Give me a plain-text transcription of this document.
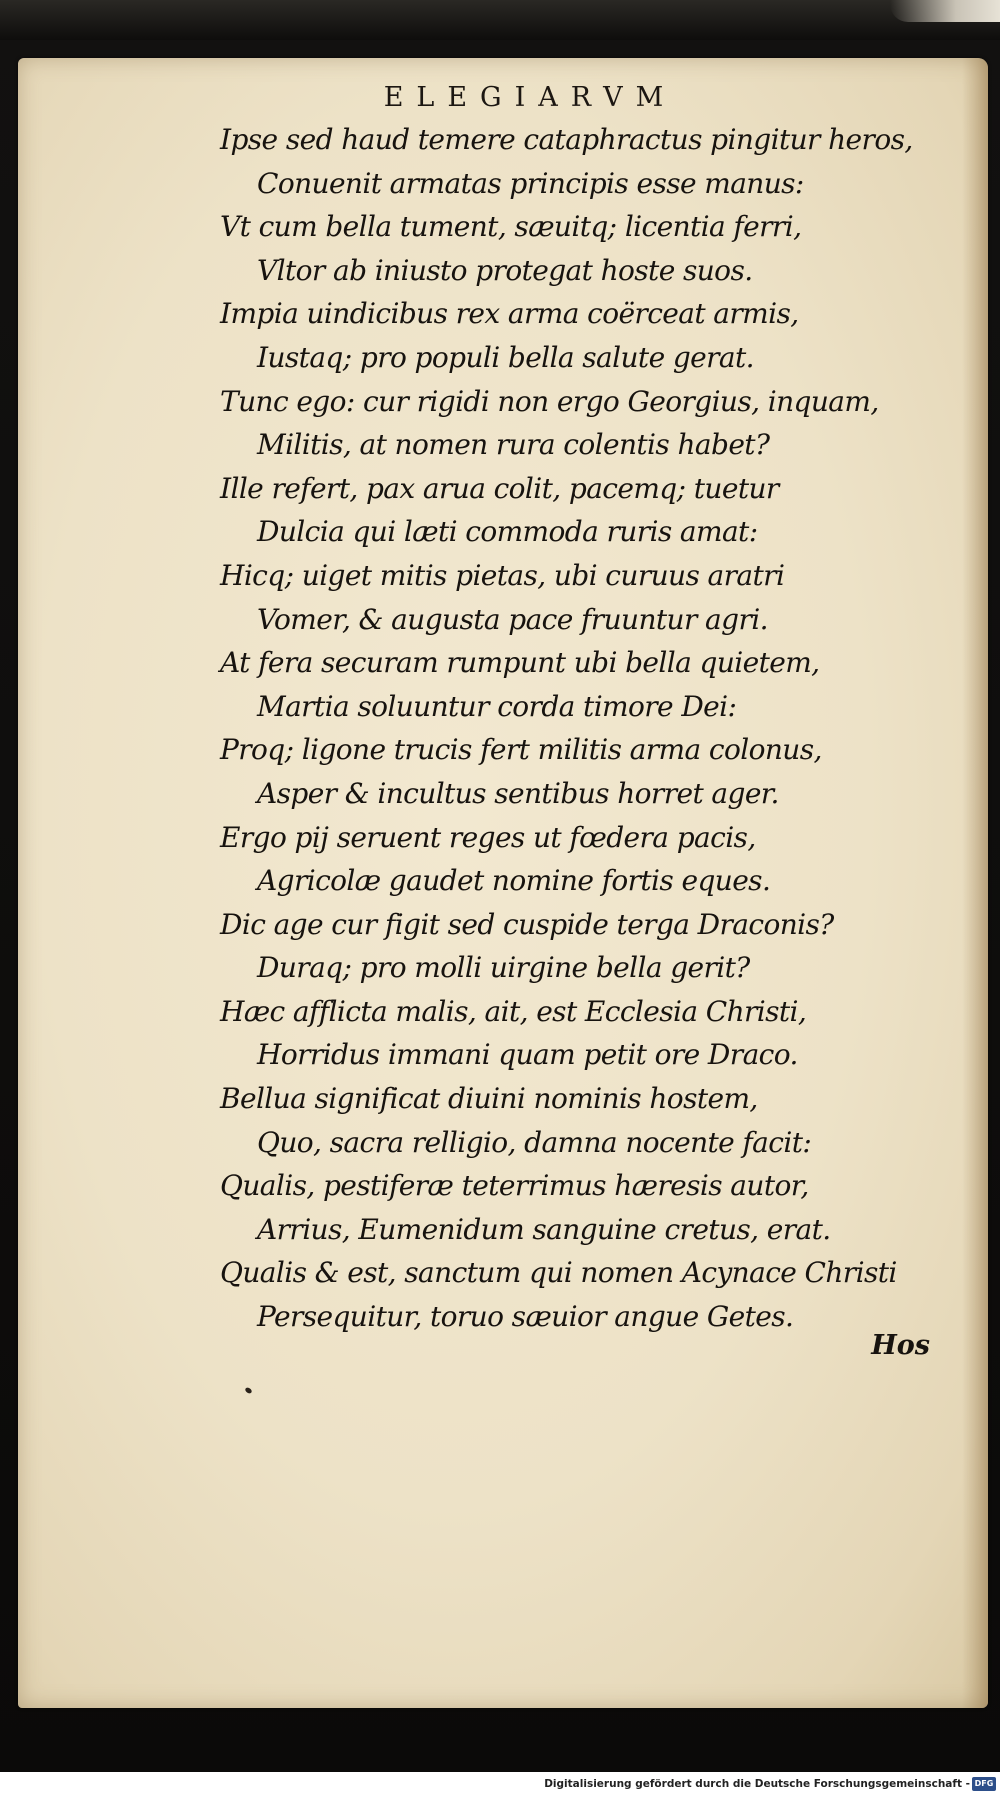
ELEGIARVM
Ipse sed haud temere cataphractus pingitur heros,
Conuenit armatas principis esse manus:
Vt cum bella tument, sæuitq; licentia ferri,
Vltor ab iniusto protegat hoste suos.
Impia uindicibus rex arma coërceat armis,
Iustaq; pro populi bella salute gerat.
Tunc ego: cur rigidi non ergo Georgius, inquam,
Militis, at nomen rura colentis habet?
Ille refert, pax arua colit, pacemq; tuetur
Dulcia qui læti commoda ruris amat:
Hicq; uiget mitis pietas, ubi curuus aratri
Vomer, & augusta pace fruuntur agri.
At fera securam rumpunt ubi bella quietem,
Martia soluuntur corda timore Dei:
Proq; ligone trucis fert militis arma colonus,
Asper & incultus sentibus horret ager.
Ergo pij seruent reges ut fœdera pacis,
Agricolæ gaudet nomine fortis eques.
Dic age cur figit sed cuspide terga Draconis?
Duraq; pro molli uirgine bella gerit?
Hæc afflicta malis, ait, est Ecclesia Christi,
Horridus immani quam petit ore Draco.
Bellua significat diuini nominis hostem,
Quo, sacra relligio, damna nocente facit:
Qualis, pestiferæ teterrimus hæresis autor,
Arrius, Eumenidum sanguine cretus, erat.
Qualis & est, sanctum qui nomen Acynace Christi
Persequitur, toruo sæuior angue Getes.
Hos
Digitalisierung gefördert durch die Deutsche Forschungsgemeinschaft - DFG
